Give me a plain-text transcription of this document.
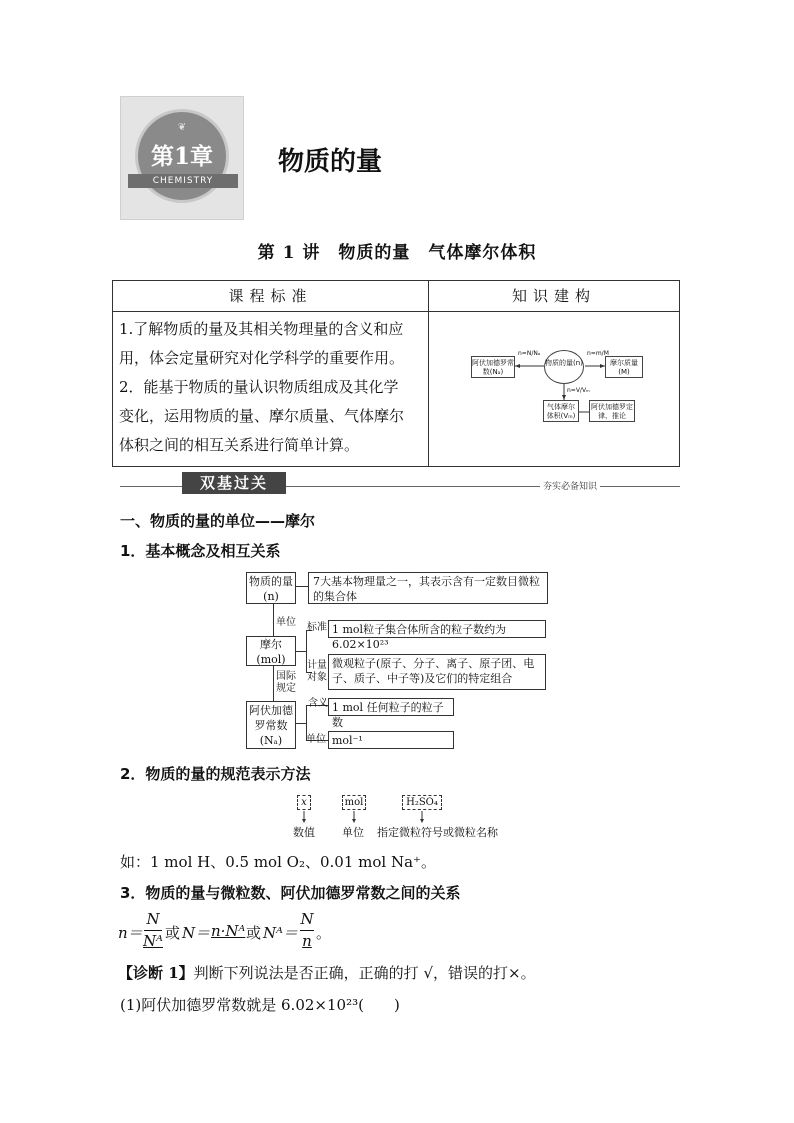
❦
第1章
CHEMISTRY
物质的量
第 1 讲　物质的量　气体摩尔体积
课程标准	知识建构
1.了解物质的量及其相关物理量的含义和应
用，体会定量研究对化学科学的重要作用。
2．能基于物质的量认识物质组成及其化学
变化，运用物质的量、摩尔质量、气体摩尔
体积之间的相互关系进行简单计算。
阿伏加德罗常数(Nₐ)
物质的量(n)	摩尔质量(M)
气体摩尔体积(Vₘ)
阿伏加德罗定律、推论
n=N/Nₐ	n=m/M
n=V/Vₘ
双基过关	夯实必备知识
一、物质的量的单位——摩尔
1．基本概念及相互关系
物质的量(n)
7大基本物理量之一，其表示含有一定数目微粒的集合体
单位
摩尔(mol)
标准 1 mol粒子集合体所含的粒子数约为6.02×10²³
计量对象
微观粒子(原子、分子、离子、原子团、电
子、质子、中子等)及它们的特定组合
国际规定
阿伏加德罗常数(Nₐ)
含义 1 mol 任何粒子的粒子数
单位 mol⁻¹
2．物质的量的规范表示方法
x	mol	H₂SO₄
数值 单位 指定微粒符号或微粒名称
如：1 mol H、0.5 mol O₂、0.01 mol Na⁺。
3．物质的量与微粒数、阿伏加德罗常数之间的关系
n＝
N
Nᴬ 或 N＝ n·Nᴬ 或 Nᴬ＝
N
n 。
【诊断 1】判断下列说法是否正确，正确的打 √，错误的打×。
(1)阿伏加德罗常数就是 6.02×10²³(　　)
